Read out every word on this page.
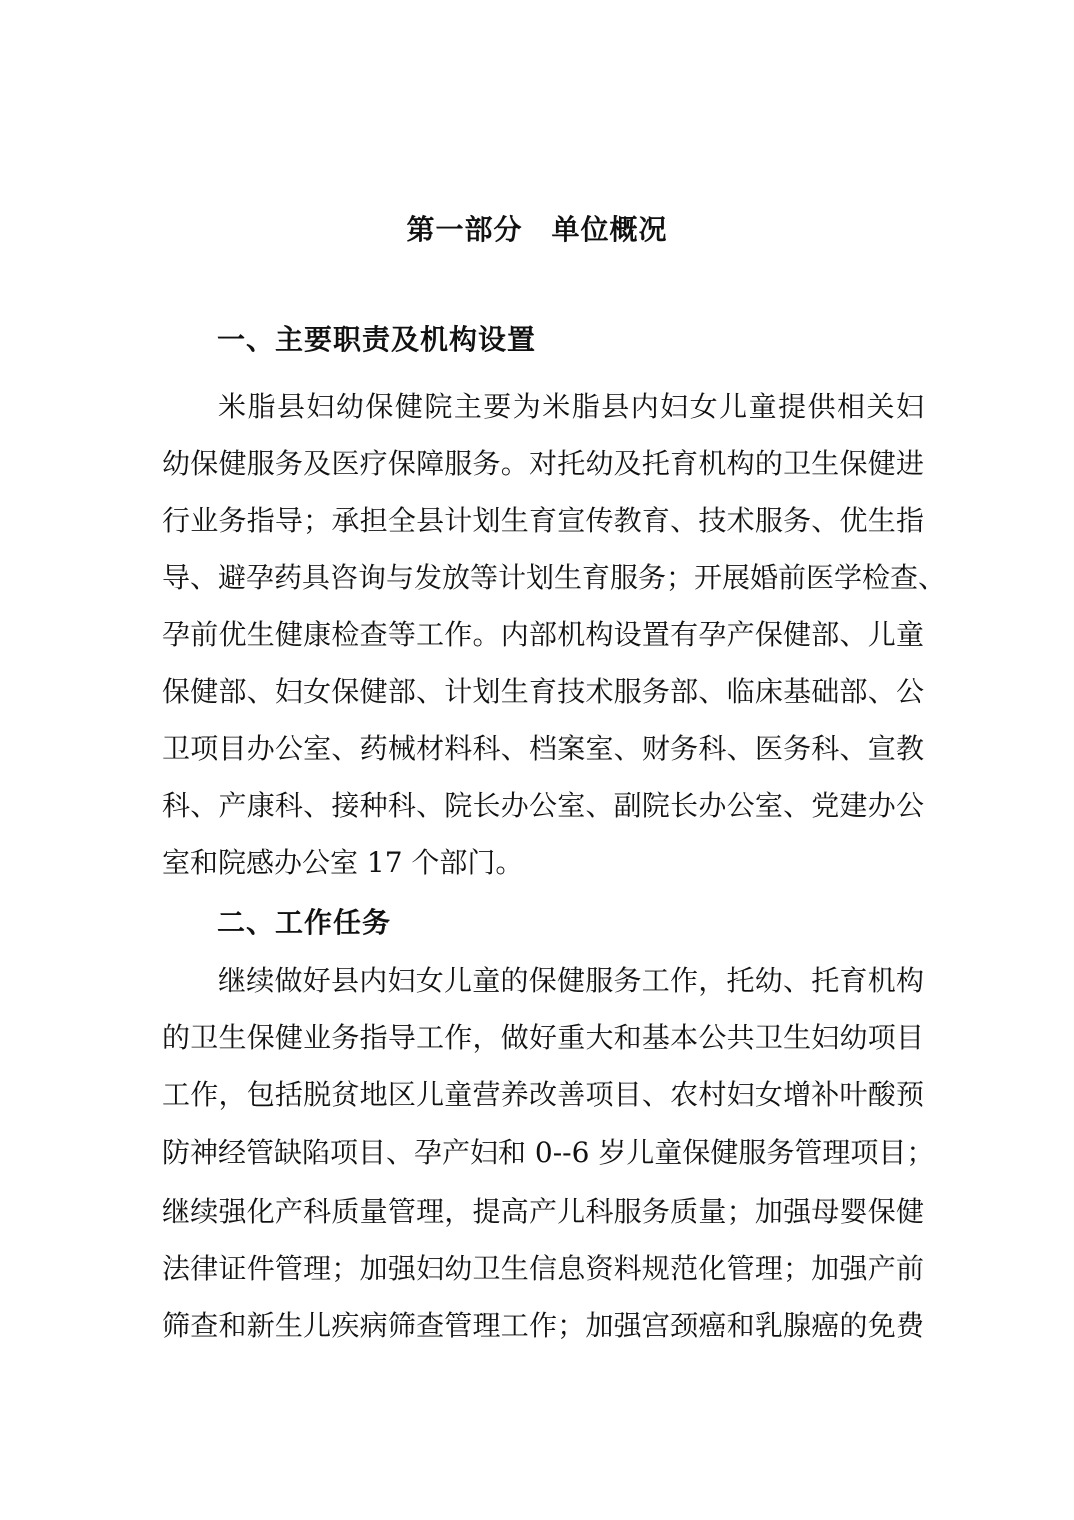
第一部分　单位概况
一、主要职责及机构设置
米脂县妇幼保健院主要为米脂县内妇女儿童提供相关妇
幼保健服务及医疗保障服务。对托幼及托育机构的卫生保健进
行业务指导；承担全县计划生育宣传教育、技术服务、优生指
导、避孕药具咨询与发放等计划生育服务；开展婚前医学检查、
孕前优生健康检查等工作。内部机构设置有孕产保健部、儿童
保健部、妇女保健部、计划生育技术服务部、临床基础部、公
卫项目办公室、药械材料科、档案室、财务科、医务科、宣教
科、产康科、接种科、院长办公室、副院长办公室、党建办公
室和院感办公室 17 个部门。
二、工作任务
继续做好县内妇女儿童的保健服务工作，托幼、托育机构
的卫生保健业务指导工作，做好重大和基本公共卫生妇幼项目
工作，包括脱贫地区儿童营养改善项目、农村妇女增补叶酸预
防神经管缺陷项目、孕产妇和 0--6 岁儿童保健服务管理项目；
继续强化产科质量管理，提高产儿科服务质量；加强母婴保健
法律证件管理；加强妇幼卫生信息资料规范化管理；加强产前
筛查和新生儿疾病筛查管理工作；加强宫颈癌和乳腺癌的免费
